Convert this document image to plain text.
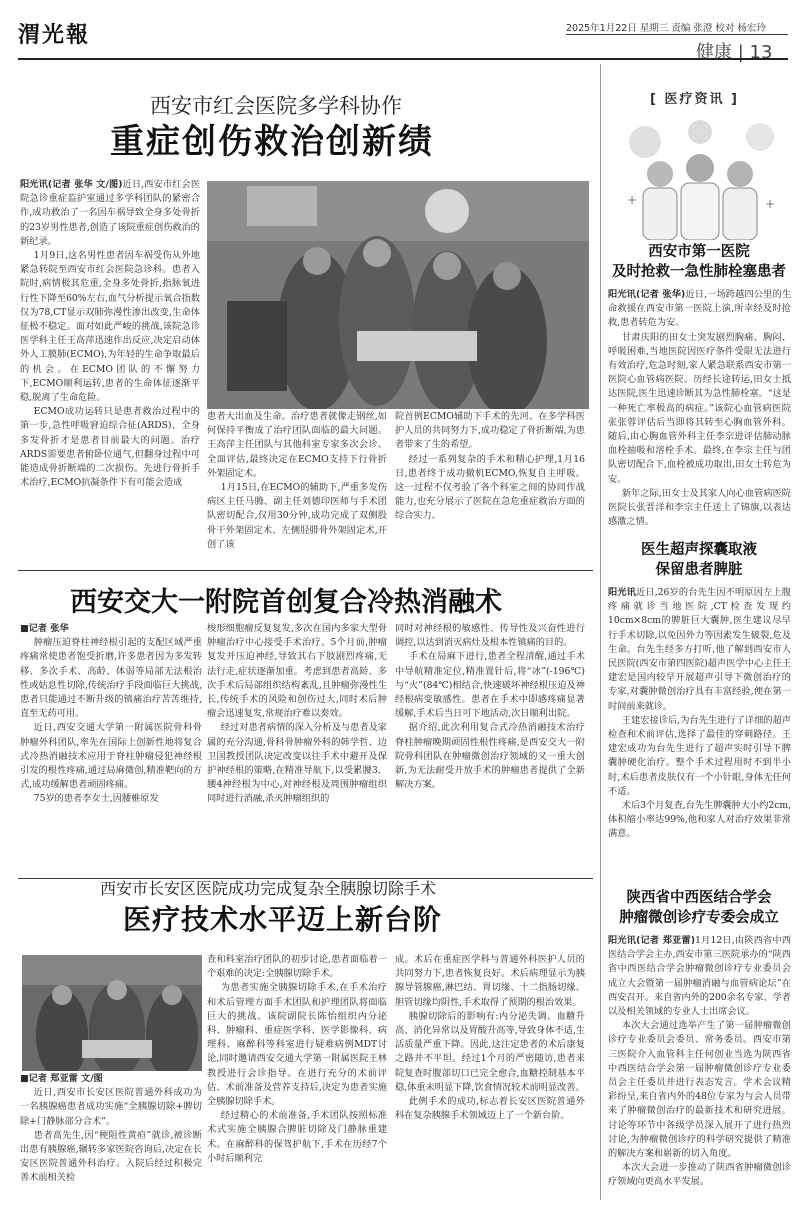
渭光報	2025年1月22日 星期三 责编 张澄 校对 杨宏玲
健康 | 13
西安市红会医院多学科协作
重症创伤救治创新绩

阳光讯(记者 张华 文/图)近日,西安市红会医院急诊重症监护室通过多学科团队的紧密合作,成功救治了一名因车祸导致全身多处骨折的23岁男性患者,创造了该院重症创伤救治的新纪录。

1月9日,这名男性患者因车祸受伤从外地紧急转院至西安市红会医院急诊科。患者入院时,病情极其危重,全身多处骨折,指脉氧进行性下降至60%左右,血气分析提示氧合指数仅为78,CT显示双肺弥漫性渗出改变,生命体征极不稳定。面对如此严峻的挑战,该院急诊医学科主任王高萍迅速作出反应,决定启动体外人工膜肺(ECMO),为年轻的生命争取最后的机会。在ECMO团队的不懈努力下,ECMO顺利运转,患者的生命体征逐渐平稳,脱离了生命危险。

ECMO成功运转只是患者救治过程中的第一步,急性呼吸窘迫综合征(ARDS)、全身多发骨折才是患者目前最大的问题。治疗ARDS需要患者俯卧位通气,但翻身过程中可能造成骨折断端的二次损伤。先进行骨折手术治疗,ECMO抗凝条件下有可能会造成

患者大出血及生命。治疗患者就像走钢丝,如何保持平衡成了治疗团队面临的最大问题。王高萍主任团队与其他科室专家多次会诊、全面评估,最终决定在ECMO支持下行骨折外架固定术。

1月15日,在ECMO的辅助下,严重多发伤病区主任马腾、副主任刘德印医师与手术团队密切配合,仅用30分钟,成功完成了双侧股骨干外架固定术、左侧胫腓骨外架固定术,开创了该

院首例ECMO辅助下手术的先河。在多学科医护人员的共同努力下,成功稳定了骨折断端,为患者带来了生的希望。

经过一系列复杂的手术和精心护理,1月16日,患者终于成功撤机ECMO,恢复自主呼吸。这一过程不仅考验了各个科室之间的协同作战能力,也充分展示了医院在急危重症救治方面的综合实力。

西安交大一附院首创复合冷热消融术

■记者 张华

肿瘤压迫脊柱神经根引起的支配区域严重疼痛常使患者饱受折磨,许多患者因为多发转移、多次手术、高龄、体弱等局部无法根治性或姑息性切除,传统治疗手段面临巨大挑战,患者只能通过不断升级的镇痛治疗苦苦维持,直至无药可用。

近日,西安交通大学第一附属医院骨科骨肿瘤外科团队,率先在国际上创新性地将复合式冷热消融技术应用于脊柱肿瘤侵犯神经根引发的根性疼痛,通过局麻微创,精准靶向的方式,成功缓解患者顽固疼痛。

75岁的患者李女士,因腰椎原发

梭形细胞瘤反复复发,多次在国内多家大型骨肿瘤治疗中心接受手术治疗。5个月前,肿瘤复发并压迫神经,导致其右下肢剧烈疼痛,无法行走,症状逐渐加重。考虑到患者高龄、多次手术后局部组织结构紊乱,且肿瘤弥漫性生长,传统手术的风险和创伤过大,同时术后肿瘤会迅速复发,常规治疗难以奏效。

经过对患者病情的深入分析及与患者及家属的充分沟通,骨科骨肿瘤外科的韩学哲、边卫国教授团队决定改变以往手术中避开及保护神经根的策略,在精准导航下,以受累腰3、腰4神经根为中心,对神经根及周围肿瘤组织同时进行消融,杀灭肿瘤组织的

同时对神经根的敏感性、传导性及兴奋性进行调控,以达到消灭病灶及根本性镇痛的目的。

手术在局麻下进行,患者全程清醒,通过手术中导航精准定位,精准置针后,将“冰”(-196℃)与“火”(84℃)相结合,快速破坏神经根压迫及神经根病变敏感性。患者在手术中即感疼痛显著缓解,手术后当日可下地活动,次日顺利出院。

据介绍,此次利用复合式冷热消融技术治疗脊柱肿瘤晚期顽固性根性疼痛,是西安交大一附院骨科团队在肿瘤微创治疗领域的又一重大创新,为无法耐受开放手术的肿瘤患者提供了全新解决方案。

西安市长安区医院成功完成复杂全胰腺切除手术
医疗技术水平迈上新台阶

■记者 郑亚雷 文/图

近日,西安市长安区医院普通外科成功为一名胰腺癌患者成功实施“全胰腺切除+脾切除+门静脉部分合术”。

患者高先生,因“梗阻性黄疸”就诊,被诊断出患有胰腺癌,辗转多家医院咨询后,决定在长安区医院普通外科治疗。入院后经过积极完善术前相关检

查和科室治疗团队的初步讨论,患者面临着一个艰难的决定:全胰腺切除手术。

为患者实施全胰腺切除手术,在手术治疗和术后管理方面手术团队和护理团队将面临巨大的挑战。该院副院长陈怡组织内分泌科、肿瘤科、重症医学科、医学影像科、病理科、麻醉科等科室进行疑难病例MDT讨论,同时邀请西安交通大学第一附属医院王林教授进行会诊指导。在进行充分的术前评估、术前准备及营养支持后,决定为患者实施全胰腺切除手术。

经过精心的术前准备,手术团队按照标准术式实施全胰腺合脾脏切除及门静脉重建术。在麻醉科的保驾护航下,手术在历经7个小时后顺利完

成。术后在重症医学科与普通外科医护人员的共同努力下,患者恢复良好。术后病理显示为胰腺导管腺癌,淋巴结、胃切缘、十二指肠切缘、胆管切缘均阴性,手术取得了预期的根治效果。

胰腺切除后的影响有:内分泌失调、血糖升高、消化异常以及胃酸升高等,导致身体不适,生活质量严重下降。因此,这注定患者的术后康复之路并不平坦。经过1个月的严密随访,患者来院复查时腹部切口已完全愈合,血糖控制基本平稳,体重未明显下降,饮食情况较术前明显改善。

此例手术的成功,标志着长安区医院普通外科在复杂胰腺手术领域迈上了一个新台阶。

[ 医疗资讯 ]
+	+
西安市第一医院
及时抢救一急性肺栓塞患者

阳光讯(记者 张华)近日,一场跨越四公里的生命救援在西安市第一医院上演,所幸经及时抢救,患者转危为安。

甘肃庆阳的田女士突发剧烈胸痛、胸闷、呼吸困难,当地医院因医疗条件受限无法进行有效治疗,危急时刻,家人紧急联系西安市第一医院心血管病医院。历经长途转运,田女士抵达医院,医生迅速诊断其为急性肺栓塞。“这是一种死亡率极高的病症。”该院心血管病医院张张蓉评估后当即将其转至心胸血管外科。随后,由心胸血管外科主任李宗进评估肺动脉血栓抽吸和溶栓手术。最终,在李宗主任与团队密切配合下,血栓被成功取出,田女士转危为安。

新年之际,田女士及其家人向心血管病医院医院长张晋洋和李宗主任送上了锦旗,以表达感激之情。

医生超声探囊取液
保留患者脾脏

阳光讯近日,26岁的台先生因不明原因左上腹疼痛就诊当地医院,CT检查发现约10cm×8cm的脾脏巨大囊肿,医生建议尽早行手术切除,以免因外力等因素发生破裂,危及生命。台先生经多方打听,他了解到西安市人民医院(西安市第四医院)超声医学中心主任王建宏是国内较早开展超声引导下微创治疗的专家,对囊肿微创治疗具有丰富经验,便在第一时间前来就诊。

王建宏接诊后,为台先生进行了详细的超声检查和术前评估,选择了最佳的穿刺路径。王建宏成功为台先生进行了超声实时引导下脾囊肿硬化治疗。整个手术过程用时不到半小时,术后患者皮肤仅有一个小针眼,身体无任何不适。

术后3个月复查,台先生脾囊肿大小约2cm,体积缩小率达99%,他和家人对治疗效果非常满意。

陕西省中西医结合学会
肿瘤微创诊疗专委会成立

阳光讯(记者 郑亚雷)1月12日,由陕西省中西医结合学会主办,西安市第三医院承办的“陕西省中西医结合学会肿瘤微创诊疗专业委员会成立大会暨第一届肿瘤消融与血管病论坛”在西安召开。来自省内外的200余名专家、学者以及相关领域的专业人士出席会议。

本次大会通过选举产生了第一届肿瘤微创诊疗专业委员会委员、常务委员。西安市第三医院介入血管科主任何创业当选为陕西省中西医结合学会第一届肿瘤微创诊疗专业委员会主任委员并进行表态发言。学术会议精彩纷呈,来自省内外的48位专家为与会人员带来了肿瘤微创治疗的最新技术和研究进展。讨论等环节中各级学员深入展开了进行热烈讨论,为肿瘤微创诊疗的科学研究提供了精准的解决方案和崭新的切入角度。

本次大会进一步推动了陕西省肿瘤微创诊疗领域向更高水平发展。
